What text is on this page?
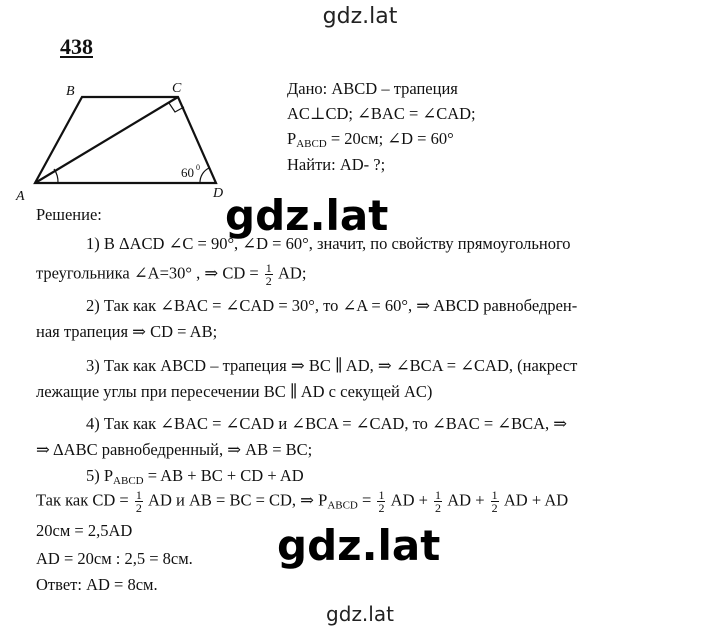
gdz.lat
438
A
B	C
D
60 0
Дано: ABCD – трапеция
AC⊥CD; ∠BAC = ∠CAD;
$P_{ABCD} = 20см$; ∠D = 60°
Найти: AD- ?;
Решение:
1) В ΔACD ∠C = 90°, ∠D = 60°, значит, по свойству прямоугольного
треугольника ∠A=30° , ⇒ CD = $\frac{1}{2}$ AD;
2) Так как ∠BAC = ∠CAD = 30°, то ∠A = 60°, ⇒ ABCD равнобедрен-
ная трапеция ⇒ CD = AB;
3) Так как ABCD – трапеция ⇒ BC ∥ AD, ⇒ ∠BCA = ∠CAD, (накрест
лежащие углы при пересечении BC ∥ AD с секущей AC)
4) Так как ∠BAC = ∠CAD и ∠BCA = ∠CAD, то ∠BAC = ∠BCA, ⇒
⇒ ΔABC равнобедренный, ⇒ AB = BC;
5) $P_{ABCD}$ = AB + BC + CD + AD
Так как CD = $\frac{1}{2}$ AD и AB = BC = CD, ⇒ $P_{ABCD} = \frac{1}{2}$ AD + $\frac{1}{2}$ AD + $\frac{1}{2}$ AD + AD
20см = 2,5AD
AD = 20см : 2,5 = 8см.
Ответ: AD = 8см.
gdz.lat
gdz.lat
gdz.lat
